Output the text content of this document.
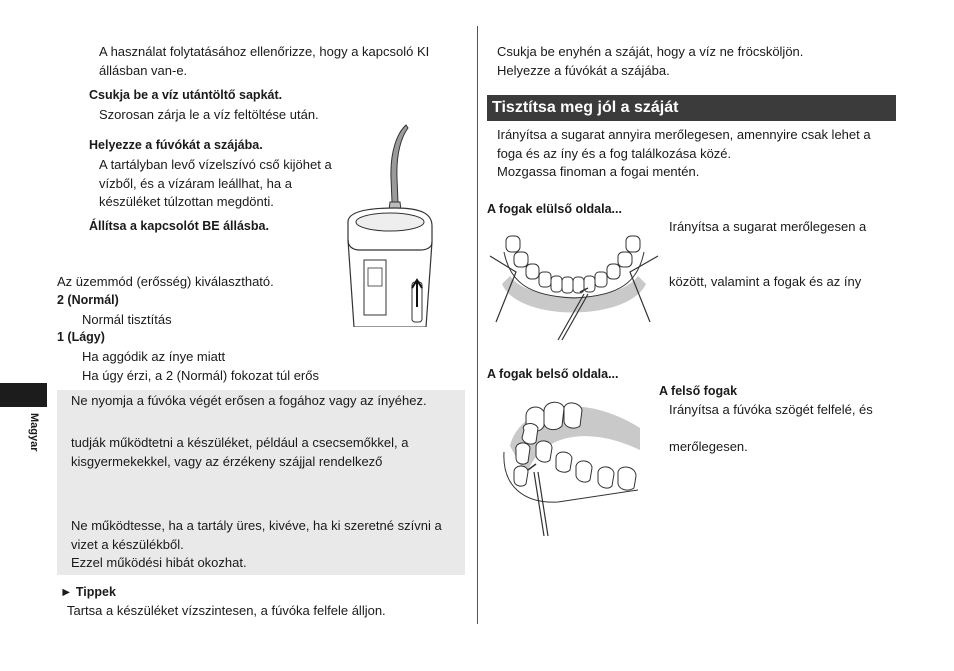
Magyar
A használat folytatásához ellenőrizze, hogy a kapcsoló KI
állásban van-e.
Csukja be a víz utántöltő sapkát.
Szorosan zárja le a víz feltöltése után.
Helyezze a fúvókát a szájába.
A tartályban levő vízelszívó cső kijöhet a
vízből, és a vízáram leállhat, ha a
készüléket túlzottan megdönti.
Állítsa a kapcsolót BE állásba.
Az üzemmód (erősség) kiválasztható.
2 (Normál)
Normál tisztítás
1 (Lágy)
Ha aggódik az ínye miatt
Ha úgy érzi, a 2 (Normál) fokozat túl erős
Ne nyomja a fúvóka végét erősen a fogához vagy az ínyéhez.
tudják működtetni a készüléket, például a csecsemőkkel, a
kisgyermekekkel, vagy az érzékeny szájjal rendelkező
Ne működtesse, ha a tartály üres, kivéve, ha ki szeretné szívni a
vizet a készülékből.
Ezzel működési hibát okozhat.
► Tippek
Tartsa a készüléket vízszintesen, a fúvóka felfele álljon.
Csukja be enyhén a száját, hogy a víz ne fröcsköljön.
Helyezze a fúvókát a szájába.
Tisztítsa meg jól a száját
Irányítsa a sugarat annyira merőlegesen, amennyire csak lehet a
foga és az íny és a fog találkozása közé.
Mozgassa finoman a fogai mentén.
A fogak elülső oldala...
Irányítsa a sugarat merőlegesen a
között, valamint a fogak és az íny
A fogak belső oldala...
A felső fogak
Irányítsa a fúvóka szögét felfelé, és
merőlegesen.
